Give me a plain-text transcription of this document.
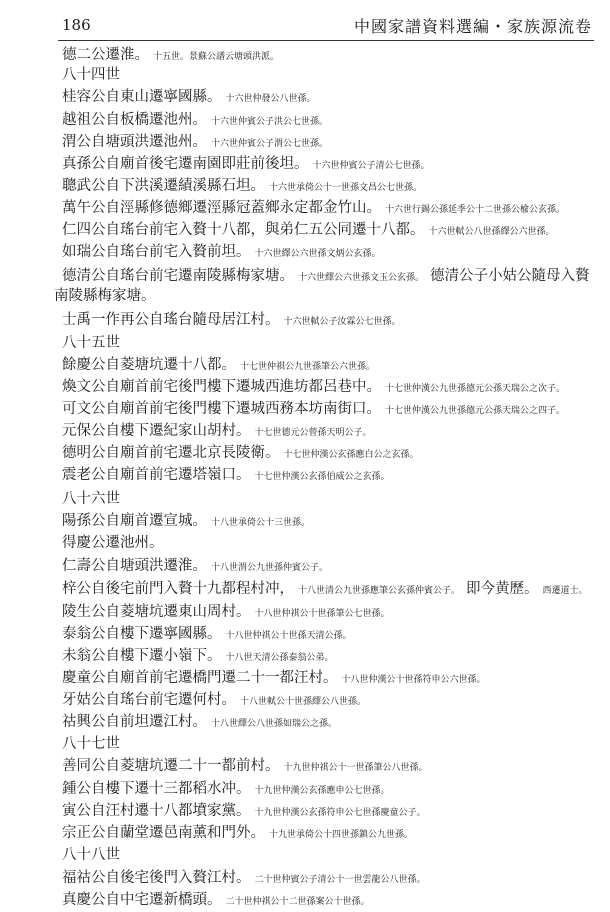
186	中國家譜資料選編・家族源流卷
德二公遷淮。 十五世。景蘇公譜云塘頭洪派。
八十四世
桂容公自東山遷寧國縣。 十六世仲發公八世孫。
越祖公自板橋遷池州。 十六世仲賓公子洪公七世孫。
渭公自塘頭洪遷池州。 十六世仲賓公子渭公七世孫。
真孫公自廟首後宅遷南園即莊前後坦。 十六世仲賓公子清公七世孫。
聰武公自下洪溪遷績溪縣石坦。 十六世承倚公十一世孫文昌公七世孫。
萬午公自涇縣修德鄉遷涇縣冠蓋鄉永定都金竹山。 十六世行錫公孫延季公十二世孫公楡公玄孫。
仁四公自瑤台前宅入贅十八都，與弟仁五公同遷十八都。 十六世軾公八世孫繹公六世孫。
如瑞公自瑤台前宅入贅前坦。 十六世繹公六世孫文炳公玄孫。
德清公自瑤台前宅遷南陵縣梅家塘。 十六世繹公六世孫文玉公玄孫。 德清公子小姑公隨母入贅
南陵縣梅家塘。
士禹一作再公自瑤台隨母居江村。 十六世軾公子汝霖公七世孫。
八十五世
餘慶公自菱塘坑遷十八都。 十七世仲祺公九世孫筆公六世孫。
煥文公自廟首前宅後門樓下遷城西進坊都呂巷中。 十七世仲漢公九世孫德元公孫天瑞公之次子。
可文公自廟首前宅後門樓下遷城西務本坊南街口。 十七世仲漢公九世孫德元公孫天瑞公之四子。
元保公自樓下遷紀家山胡村。 十七世德元公曾孫天明公子。
德明公自廟首前宅遷北京長陵衛。 十七世仲漢公玄孫應白公之玄孫。
震老公自廟首前宅遷塔嶺口。 十七世仲漢公玄孫伯威公之玄孫。
八十六世
陽孫公自廟首遷宣城。 十八世承倚公十三世孫。
得慶公遷池州。
仁壽公自塘頭洪遷淮。 十八世渭公九世孫仲賓公子。
梓公自後宅前門入贅十九都程村冲， 十八世清公九世孫應筆公玄孫仲賓公子。 即今黄歷。 西遷道士。
陵生公自菱塘坑遷東山周村。 十八世仲祺公十世孫筆公七世孫。
泰翁公自樓下遷寧國縣。 十八世仲祺公十世孫天清公孫。
未翁公自樓下遷小嶺下。 十八世天清公孫泰翁公弟。
慶童公自廟首前宅遷橋門遷二十一都汪村。 十八世仲漢公十世孫符申公六世孫。
牙姑公自瑤台前宅遷何村。 十八世軾公十世孫繹公八世孫。
祜興公自前坦遷江村。 十八世繹公八世孫如瑞公之孫。
八十七世
善同公自菱塘坑遷二十一都前村。 十九世仲祺公十一世孫筆公八世孫。
鍾公自樓下遷十三都稻水冲。 十九世仲漢公玄孫應申公七世孫。
寅公自汪村遷十八都墳家黨。 十九世仲漢公玄孫符申公七世孫慶童公子。
宗正公自蘭堂遷邑南薰和門外。 十九世承倚公十四世孫鎮公九世孫。
八十八世
福祜公自後宅後門入贅江村。 二十世仲賓公子清公十一世雲龍公八世孫。
真慶公自中宅遷新橋頭。 二十世仲祺公十二世孫案公十世孫。
